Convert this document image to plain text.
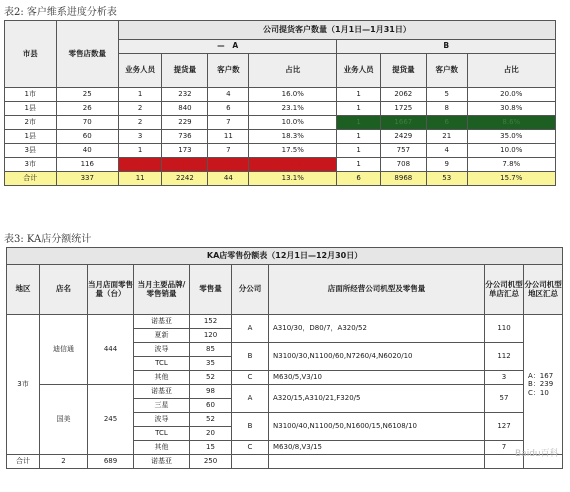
表2: 客户维系进度分析表
市县	零售店数量	公司提货客户数量（1月1日—1月31日）							
		— A				B			
		业务人员	提货量	客户数	占比	业务人员	提货量	客户数	占比
1市	25	1	232	4	16.0%	1	2062	5	20.0%
1县	26	2	840	6	23.1%	1	1725	8	30.8%
2市	70	2	229	7	10.0%	1	1667	6	8.6%
1县	60	3	736	11	18.3%	1	2429	21	35.0%
3县	40	1	173	7	17.5%	1	757	4	10.0%
3市	116	2	32	9	7.8%	1	708	9	7.8%
合计	337	11	2242	44	13.1%	6	8968	53	15.7%
表3: KA店分额统计
KA店零售份额表（12月1日—12月30日）								
地区	店名	当月店面零售量（台）	当月主要品牌/零售销量	零售量	分公司	店面所经营公司机型及零售量	分公司机型单店汇总	分公司机型地区汇总
3市	迪信通	444	诺基亚	152	A	A310/30，D80/7，A320/52	110	A：167
B：239
C：10
			夏新	120				
			波导	85	B	N3100/30,N1100/60,N7260/4,N6020/10	112	
			TCL	35				
			其他	52	C	M630/5,V3/10	3	
	国美	245	诺基亚	98	A	A320/15,A310/21,F320/5	57	
			三星	60				
			波导	52	B	N3100/40,N1100/50,N1600/15,N6108/10	127	
			TCL	20				
			其他	15	C	M630/8,V3/15	7	
合计	2	689	诺基亚	250				
Baidu百科
